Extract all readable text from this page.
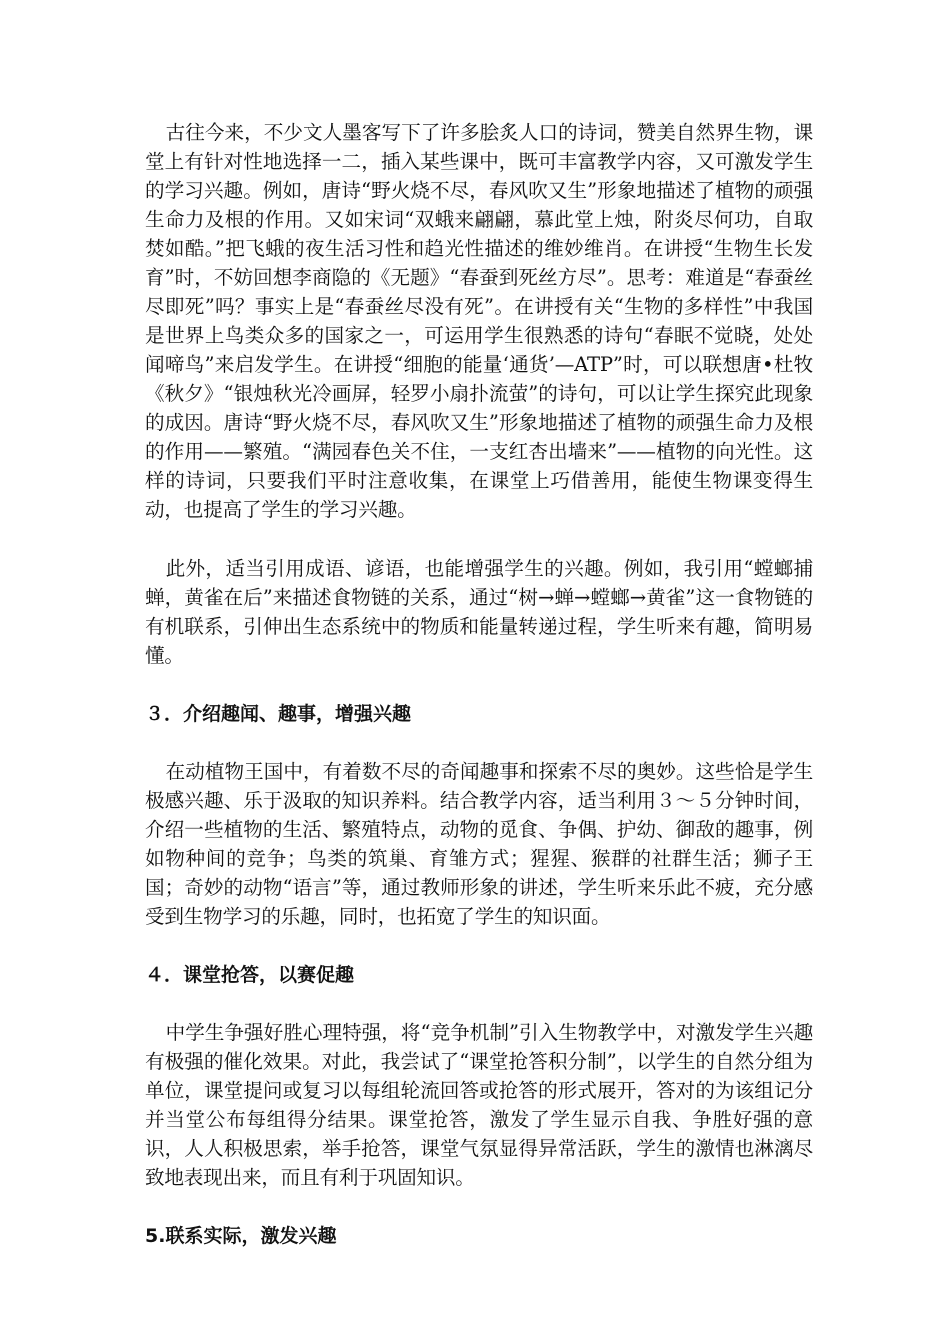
古往今来，不少文人墨客写下了许多脍炙人口的诗词，赞美自然界生物，课堂上有针对性地选择一二，插入某些课中，既可丰富教学内容，又可激发学生的学习兴趣。例如，唐诗“野火烧不尽，春风吹又生”形象地描述了植物的顽强生命力及根的作用。又如宋词“双蛾来翩翩，慕此堂上烛，附炎尽何功，自取焚如酷。”把飞蛾的夜生活习性和趋光性描述的维妙维肖。在讲授“生物生长发育”时，不妨回想李商隐的《无题》“春蚕到死丝方尽”。思考：难道是“春蚕丝尽即死”吗？事实上是“春蚕丝尽没有死”。在讲授有关“生物的多样性”中我国是世界上鸟类众多的国家之一，可运用学生很熟悉的诗句“春眠不觉晓，处处闻啼鸟”来启发学生。在讲授“细胞的能量‘通货’—ATP”时，可以联想唐•杜牧《秋夕》“银烛秋光冷画屏，轻罗小扇扑流萤”的诗句，可以让学生探究此现象的成因。唐诗“野火烧不尽，春风吹又生”形象地描述了植物的顽强生命力及根的作用——繁殖。“满园春色关不住，一支红杏出墙来”——植物的向光性。这样的诗词，只要我们平时注意收集，在课堂上巧借善用，能使生物课变得生动，也提高了学生的学习兴趣。

此外，适当引用成语、谚语，也能增强学生的兴趣。例如，我引用“螳螂捕蝉，黄雀在后”来描述食物链的关系，通过“树→蝉→螳螂→黄雀”这一食物链的有机联系，引伸出生态系统中的物质和能量转递过程，学生听来有趣，简明易懂。

３．介绍趣闻、趣事，增强兴趣

在动植物王国中，有着数不尽的奇闻趣事和探索不尽的奥妙。这些恰是学生极感兴趣、乐于汲取的知识养料。结合教学内容，适当利用３～５分钟时间，介绍一些植物的生活、繁殖特点，动物的觅食、争偶、护幼、御敌的趣事，例如物种间的竞争；鸟类的筑巢、育雏方式；猩猩、猴群的社群生活；狮子王国；奇妙的动物“语言”等，通过教师形象的讲述，学生听来乐此不疲，充分感受到生物学习的乐趣，同时，也拓宽了学生的知识面。

４．课堂抢答，以赛促趣

中学生争强好胜心理特强，将“竞争机制”引入生物教学中，对激发学生兴趣有极强的催化效果。对此，我尝试了“课堂抢答积分制”，以学生的自然分组为单位，课堂提问或复习以每组轮流回答或抢答的形式展开，答对的为该组记分并当堂公布每组得分结果。课堂抢答，激发了学生显示自我、争胜好强的意识，人人积极思索，举手抢答，课堂气氛显得异常活跃，学生的激情也淋漓尽致地表现出来，而且有利于巩固知识。

5.联系实际，激发兴趣
